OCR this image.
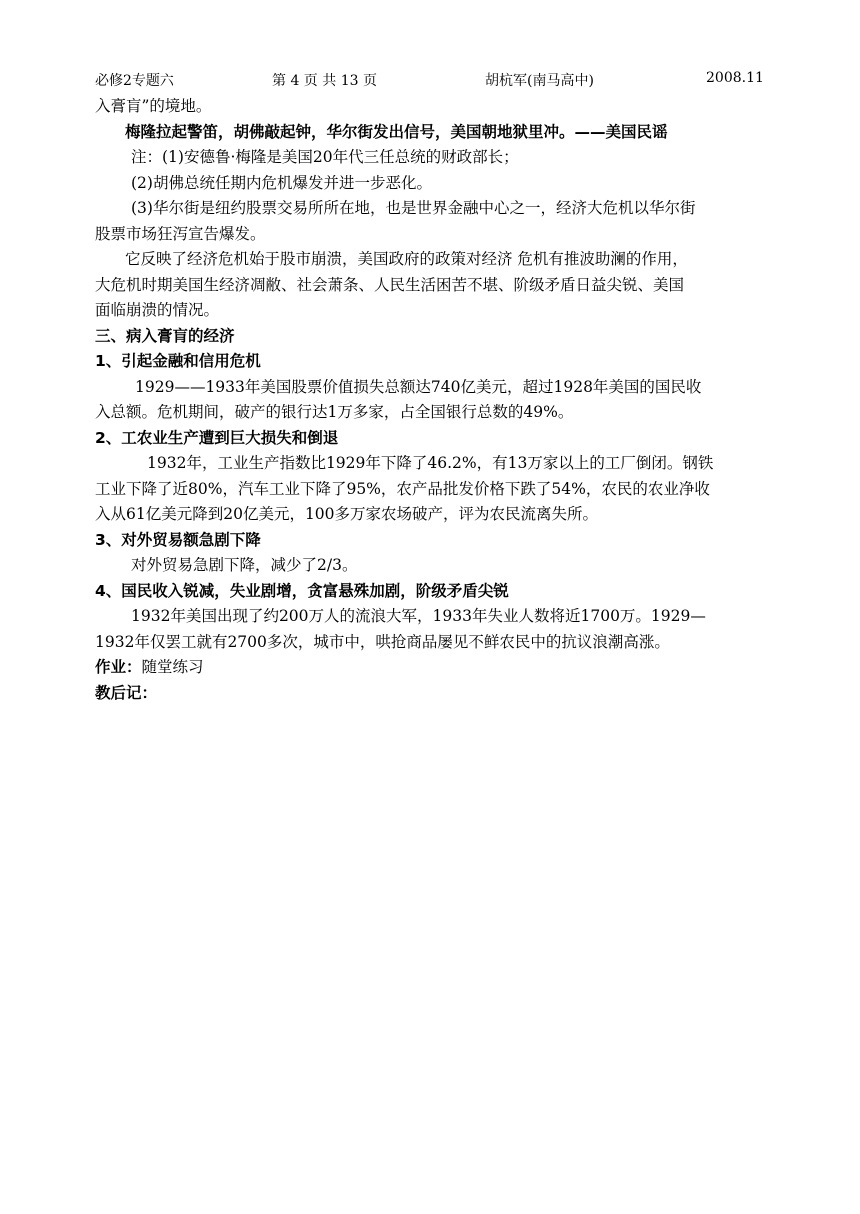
必修2专题六	第 4 页 共 13 页	胡杭军(南马高中)	2008.11
入膏肓”的境地。
梅隆拉起警笛，胡佛敲起钟，华尔街发出信号，美国朝地狱里冲。——美国民谣
注：(1)安德鲁·梅隆是美国20年代三任总统的财政部长；
(2)胡佛总统任期内危机爆发并进一步恶化。
(3)华尔街是纽约股票交易所所在地，也是世界金融中心之一，经济大危机以华尔街
股票市场狂泻宣告爆发。
它反映了经济危机始于股市崩溃，美国政府的政策对经济 危机有推波助澜的作用，
大危机时期美国生经济凋敝、社会萧条、人民生活困苦不堪、阶级矛盾日益尖锐、美国
面临崩溃的情况。
三、病入膏肓的经济
1、引起金融和信用危机
1929——1933年美国股票价值损失总额达740亿美元，超过1928年美国的国民收
入总额。危机期间，破产的银行达1万多家，占全国银行总数的49%。
2、工农业生产遭到巨大损失和倒退
1932年，工业生产指数比1929年下降了46.2%，有13万家以上的工厂倒闭。钢铁
工业下降了近80%，汽车工业下降了95%，农产品批发价格下跌了54%，农民的农业净收
入从61亿美元降到20亿美元，100多万家农场破产，评为农民流离失所。
3、对外贸易额急剧下降
对外贸易急剧下降，减少了2/3。
4、国民收入锐减，失业剧增，贪富悬殊加剧，阶级矛盾尖锐
1932年美国出现了约200万人的流浪大军，1933年失业人数将近1700万。1929—
1932年仅罢工就有2700多次，城市中，哄抢商品屡见不鲜农民中的抗议浪潮高涨。
作业：随堂练习
教后记：
